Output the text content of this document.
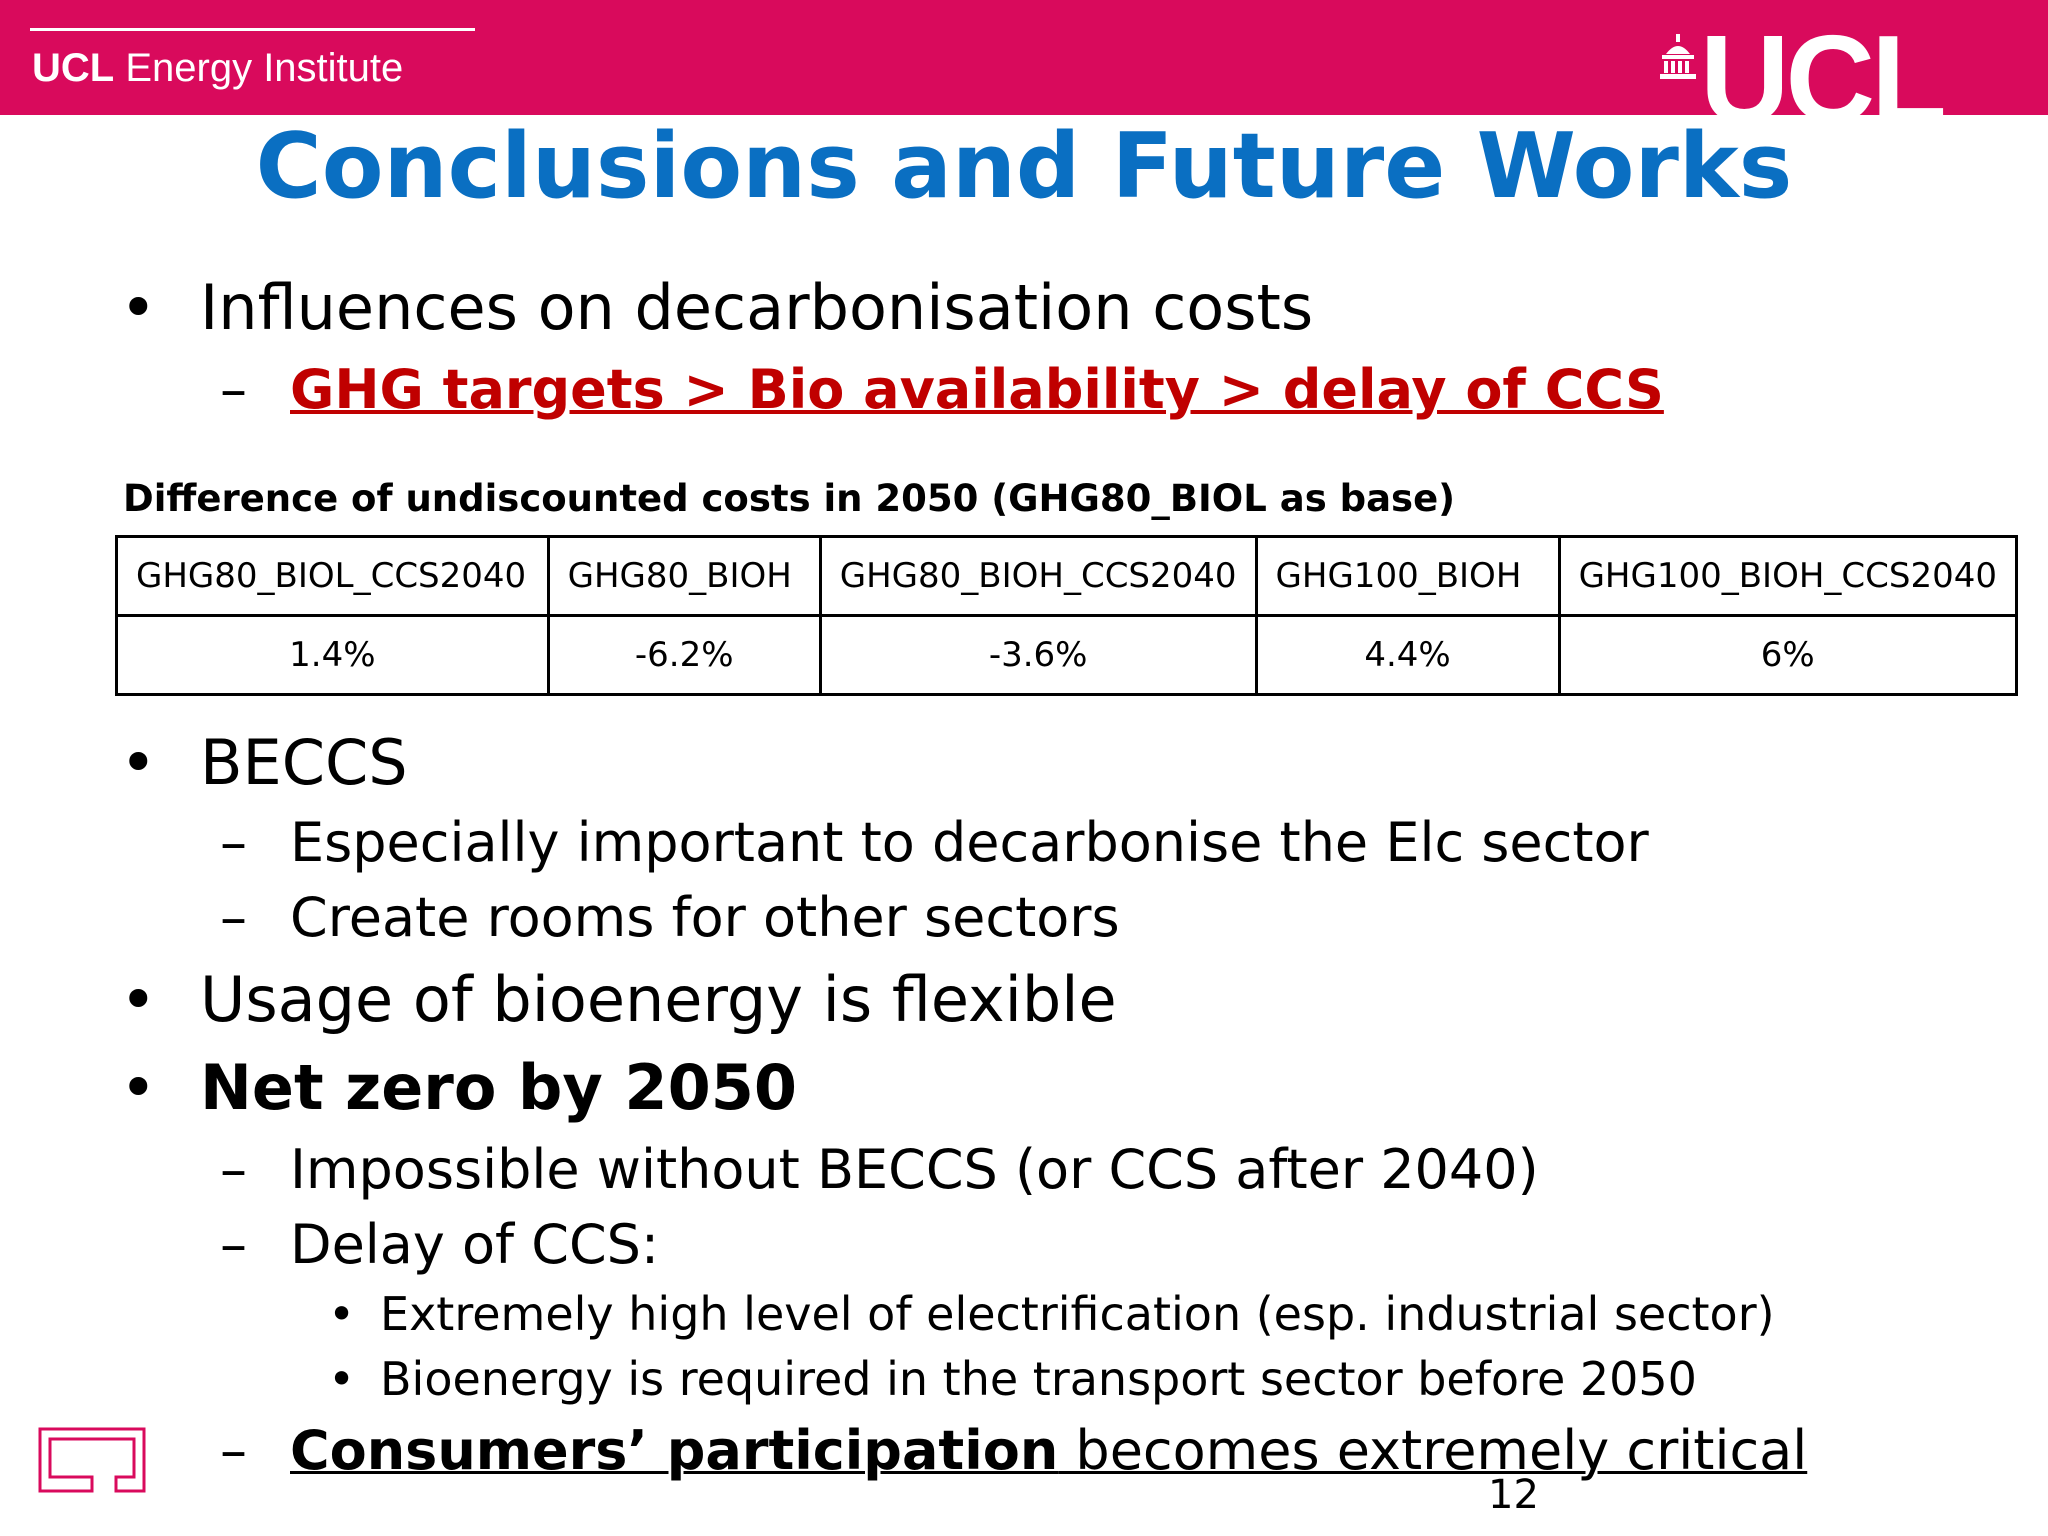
UCL Energy Institute	UCL
Conclusions and Future Works
• Influences on decarbonisation costs
– GHG targets > Bio availability > delay of CCS
Difference of undiscounted costs in 2050 (GHG80_BIOL as base)
GHG80_BIOL_CCS2040	GHG80_BIOH	GHG80_BIOH_CCS2040	GHG100_BIOH	GHG100_BIOH_CCS2040
1.4%	-6.2%	-3.6%	4.4%	6%
• BECCS
– Especially important to decarbonise the Elc sector
– Create rooms for other sectors
• Usage of bioenergy is flexible
• Net zero by 2050
– Impossible without BECCS (or CCS after 2040)
– Delay of CCS:
• Extremely high level of electrification (esp. industrial sector)
• Bioenergy is required in the transport sector before 2050
– Consumers’ participation becomes extremely critical
12
